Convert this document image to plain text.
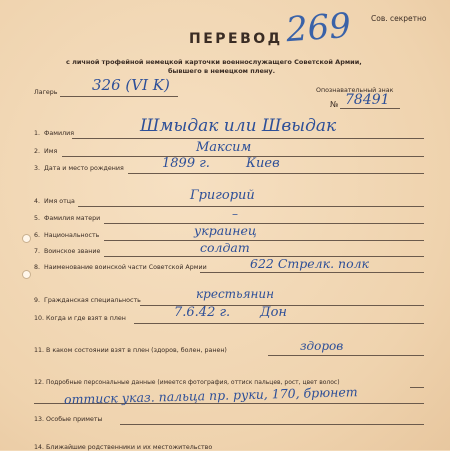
Сов. секретно
269
ПЕРЕВОД
с личной трофейной немецкой карточки военнослужащего Советской Армии,
бывшего в немецком плену.
Лагерь 326 (VI K)	Опознавательный знак
№ 78491
1. Фамилия	Шмыдак или Швыдак
2. Имя	Максим
3. Дата и место рождения	1899 г.	Киев
4. Имя отца	Григорий
5. Фамилия матери	–
6. Национальность	украинец
7. Воинское звание	солдат
8. Наименование воинской части Советской Армии	622 Стрелк. полк
9. Гражданская специальность	крестьянин
10. Когда и где взят в плен	7.6.42 г. Дон
11. В каком состоянии взят в плен (здоров, болен, ранен)	здоров
12. Подробные персональные данные (имеется фотография, оттиск пальцев, рост, цвет волос)
оттиск указ. пальца пр. руки, 170, брюнет
13. Особые приметы
14. Ближайшие родственники и их местожительство
